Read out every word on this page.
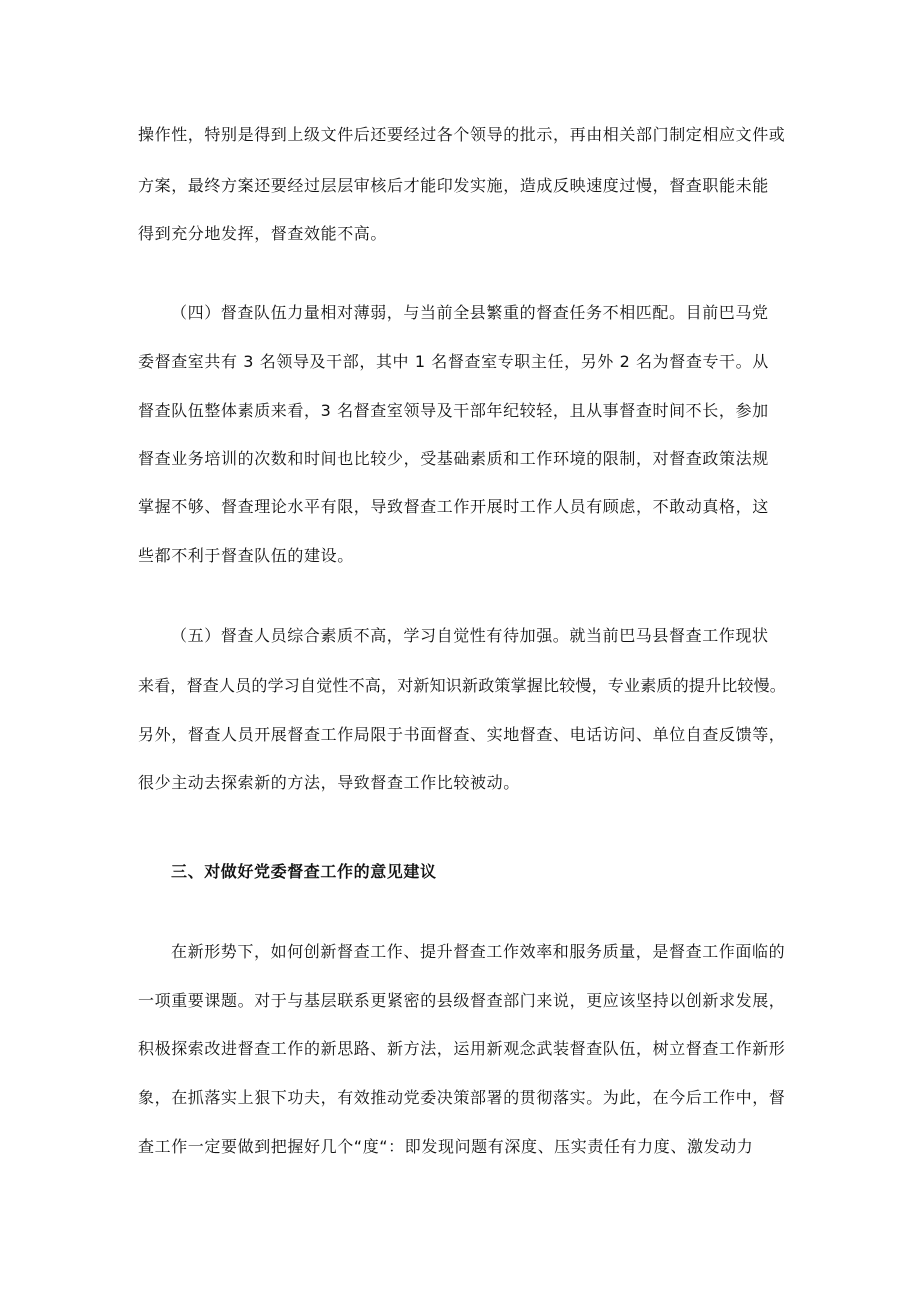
操作性，特别是得到上级文件后还要经过各个领导的批示，再由相关部门制定相应文件或
方案，最终方案还要经过层层审核后才能印发实施，造成反映速度过慢，督查职能未能
得到充分地发挥，督查效能不高。
（四）督查队伍力量相对薄弱，与当前全县繁重的督查任务不相匹配。目前巴马党
委督查室共有 3 名领导及干部，其中 1 名督查室专职主任，另外 2 名为督查专干。从
督查队伍整体素质来看，3 名督查室领导及干部年纪较轻，且从事督查时间不长，参加
督查业务培训的次数和时间也比较少，受基础素质和工作环境的限制，对督查政策法规
掌握不够、督查理论水平有限，导致督查工作开展时工作人员有顾虑，不敢动真格，这
些都不利于督查队伍的建设。
（五）督查人员综合素质不高，学习自觉性有待加强。就当前巴马县督查工作现状
来看，督查人员的学习自觉性不高，对新知识新政策掌握比较慢，专业素质的提升比较慢。
另外，督查人员开展督查工作局限于书面督查、实地督查、电话访问、单位自查反馈等，
很少主动去探索新的方法，导致督查工作比较被动。
三、对做好党委督查工作的意见建议
在新形势下，如何创新督查工作、提升督查工作效率和服务质量，是督查工作面临的
一项重要课题。对于与基层联系更紧密的县级督查部门来说，更应该坚持以创新求发展，
积极探索改进督查工作的新思路、新方法，运用新观念武装督查队伍，树立督查工作新形
象，在抓落实上狠下功夫，有效推动党委决策部署的贯彻落实。为此，在今后工作中，督
查工作一定要做到把握好几个“度“：即发现问题有深度、压实责任有力度、激发动力
